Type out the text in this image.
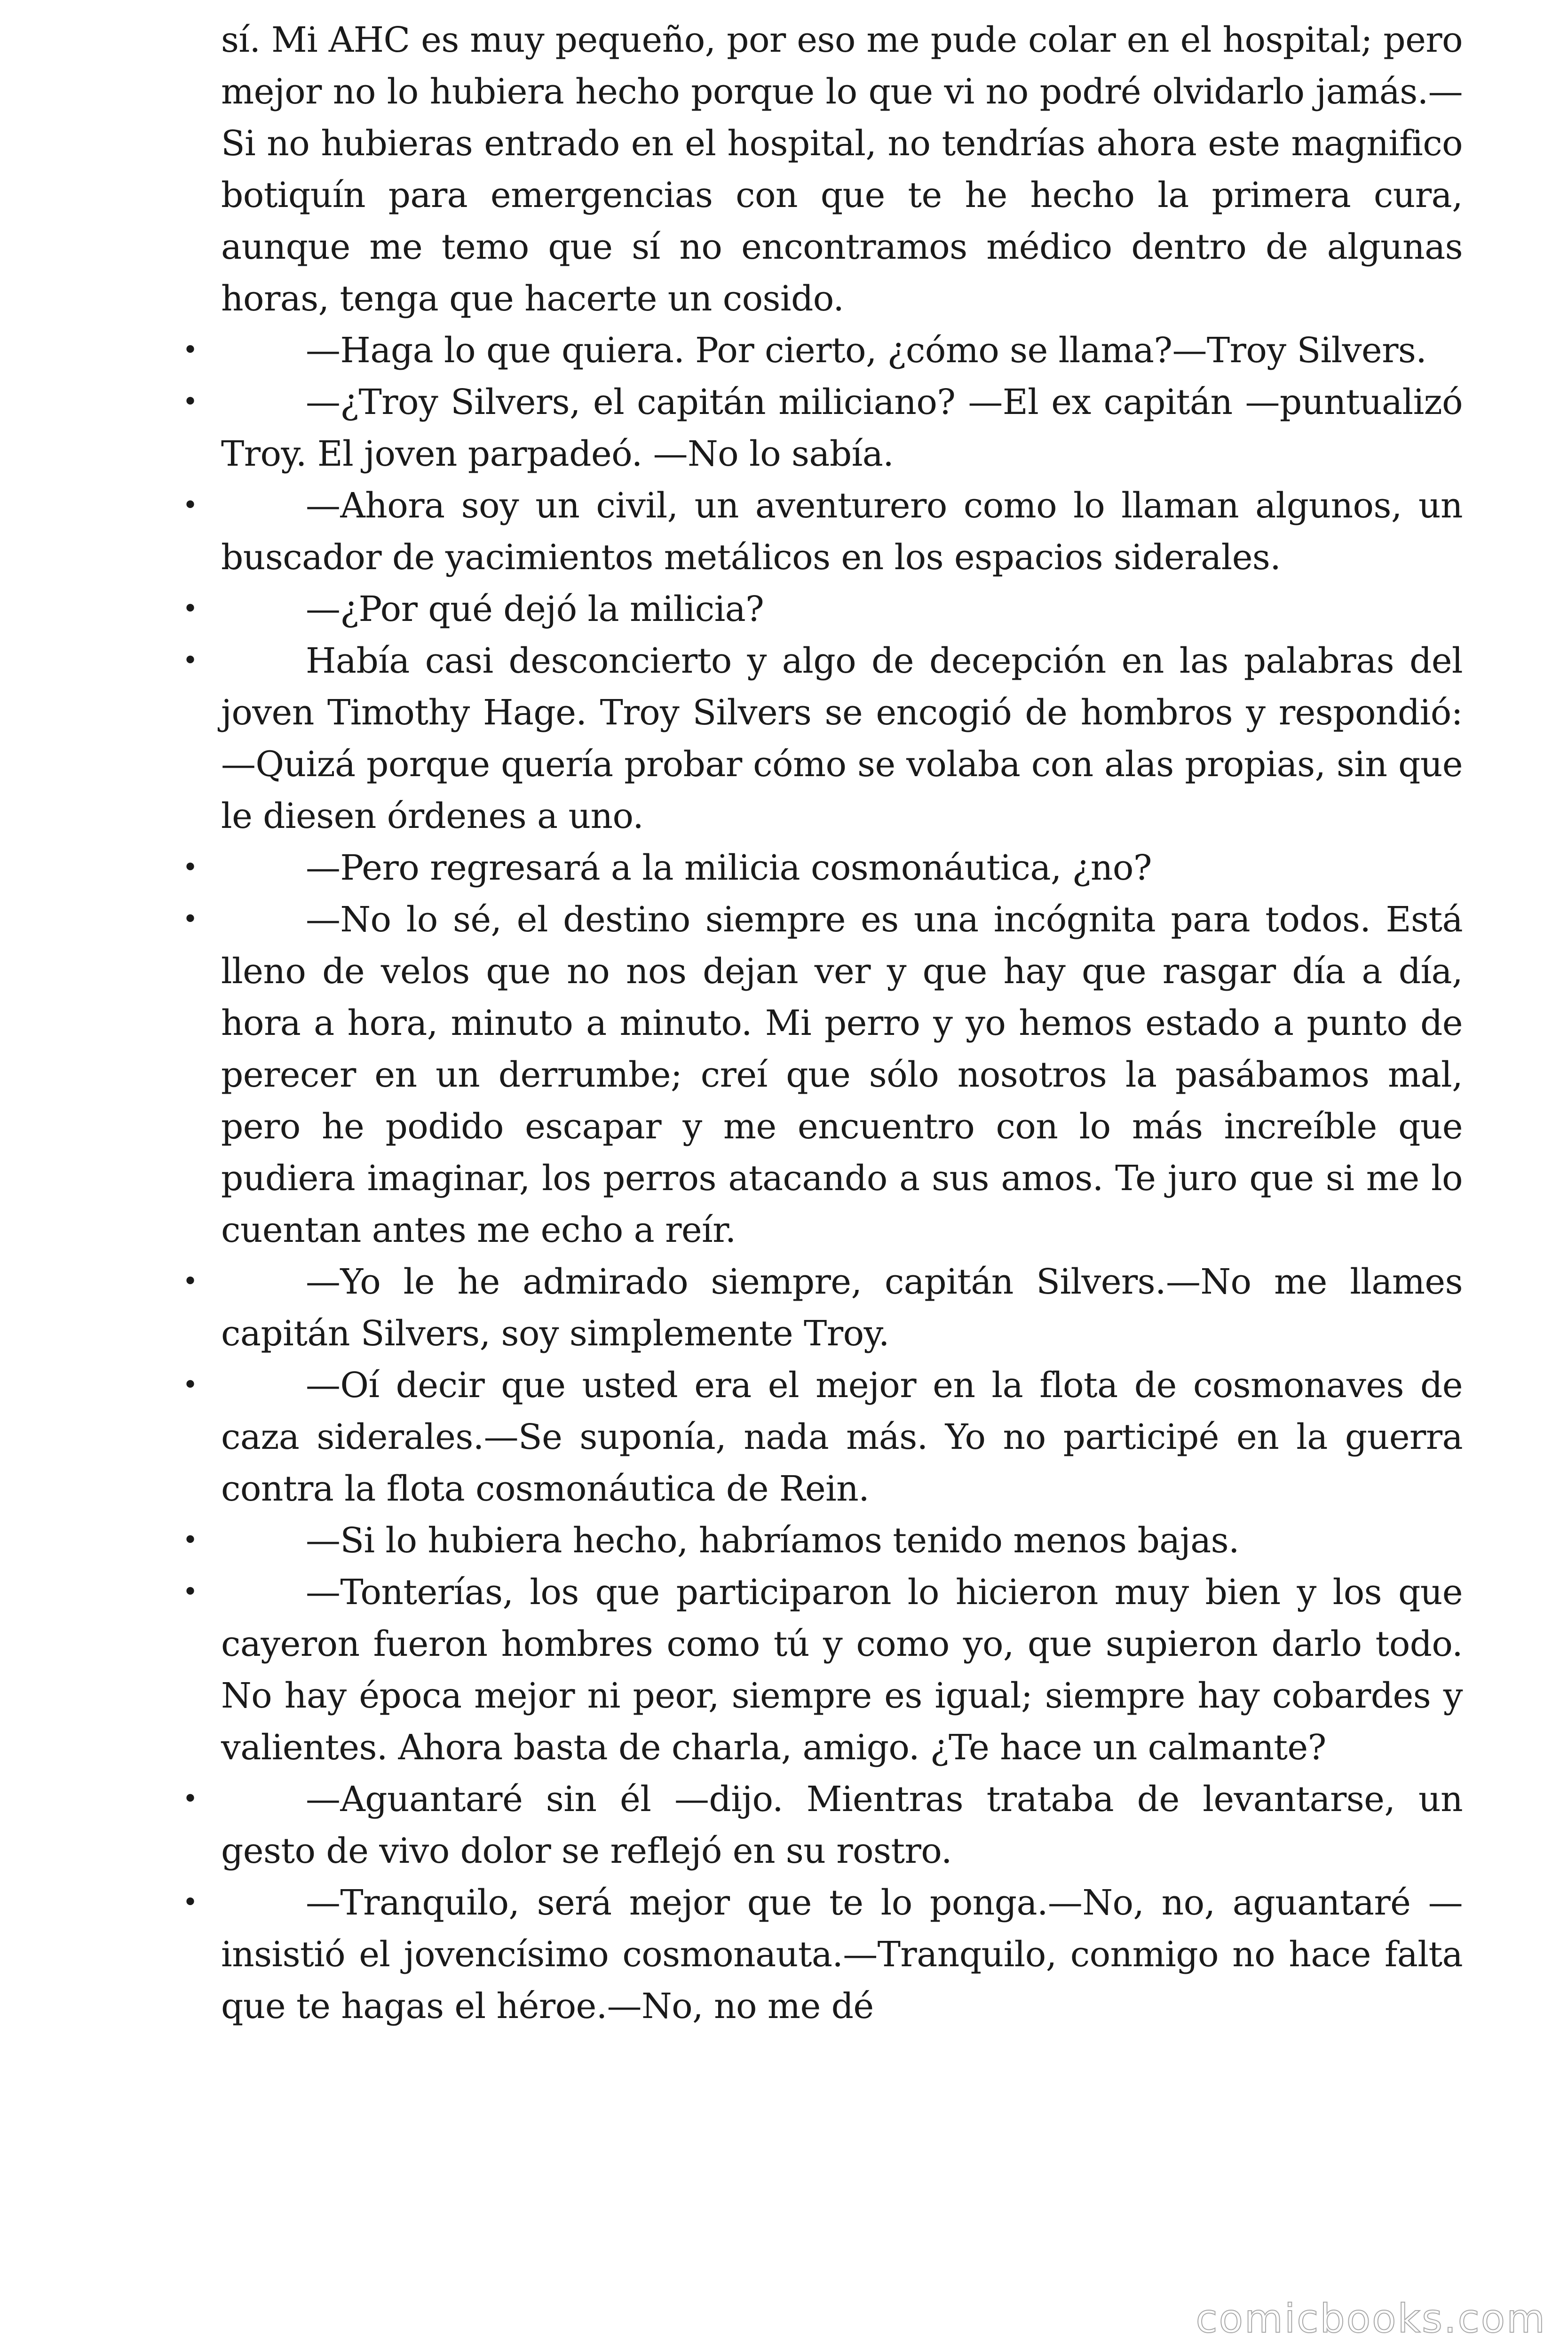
sí. Mi AHC es muy pequeño, por eso me pude colar en el hospital; pero mejor no lo hubiera hecho porque lo que vi no podré olvidarlo jamás.—Si no hubieras entrado en el hospital, no tendrías ahora este magnifico botiquín para emergencias con que te he hecho la primera cura, aunque me temo que sí no encontramos médico dentro de algunas horas, tenga que hacerte un cosido.

•	—Haga lo que quiera. Por cierto, ¿cómo se llama?—Troy Silvers.

•	—¿Troy Silvers, el capitán miliciano? —El ex capitán —puntualizó Troy. El joven parpadeó. —No lo sabía.

•	—Ahora soy un civil, un aventurero como lo llaman algunos, un buscador de yacimientos metálicos en los espacios siderales.

•	—¿Por qué dejó la milicia?

•	Había casi desconcierto y algo de decepción en las palabras del joven Timothy Hage. Troy Silvers se encogió de hombros y respondió:—Quizá porque quería probar cómo se volaba con alas propias, sin que le diesen órdenes a uno.

•	—Pero regresará a la milicia cosmonáutica, ¿no?

•	—No lo sé, el destino siempre es una incógnita para todos. Está lleno de velos que no nos dejan ver y que hay que rasgar día a día, hora a hora, minuto a minuto. Mi perro y yo hemos estado a punto de perecer en un derrumbe; creí que sólo nosotros la pasábamos mal, pero he podido escapar y me encuentro con lo más increíble que pudiera imaginar, los perros atacando a sus amos. Te juro que si me lo cuentan antes me echo a reír.

•	—Yo le he admirado siempre, capitán Silvers.—No me llames capitán Silvers, soy simplemente Troy.

•	—Oí decir que usted era el mejor en la flota de cosmonaves de caza siderales.—Se suponía, nada más. Yo no participé en la guerra contra la flota cosmonáutica de Rein.

•	—Si lo hubiera hecho, habríamos tenido menos bajas.

•	—Tonterías, los que participaron lo hicieron muy bien y los que cayeron fueron hombres como tú y como yo, que supieron darlo todo. No hay época mejor ni peor, siempre es igual; siempre hay cobardes y valientes. Ahora basta de charla, amigo. ¿Te hace un calmante?

•	—Aguantaré sin él —dijo. Mientras trataba de levantarse, un gesto de vivo dolor se reflejó en su rostro.

•	—Tranquilo, será mejor que te lo ponga.—No, no, aguantaré —insistió el jovencísimo cosmonauta.—Tranquilo, conmigo no hace falta que te hagas el héroe.—No, no me dé

comicbooks.com
